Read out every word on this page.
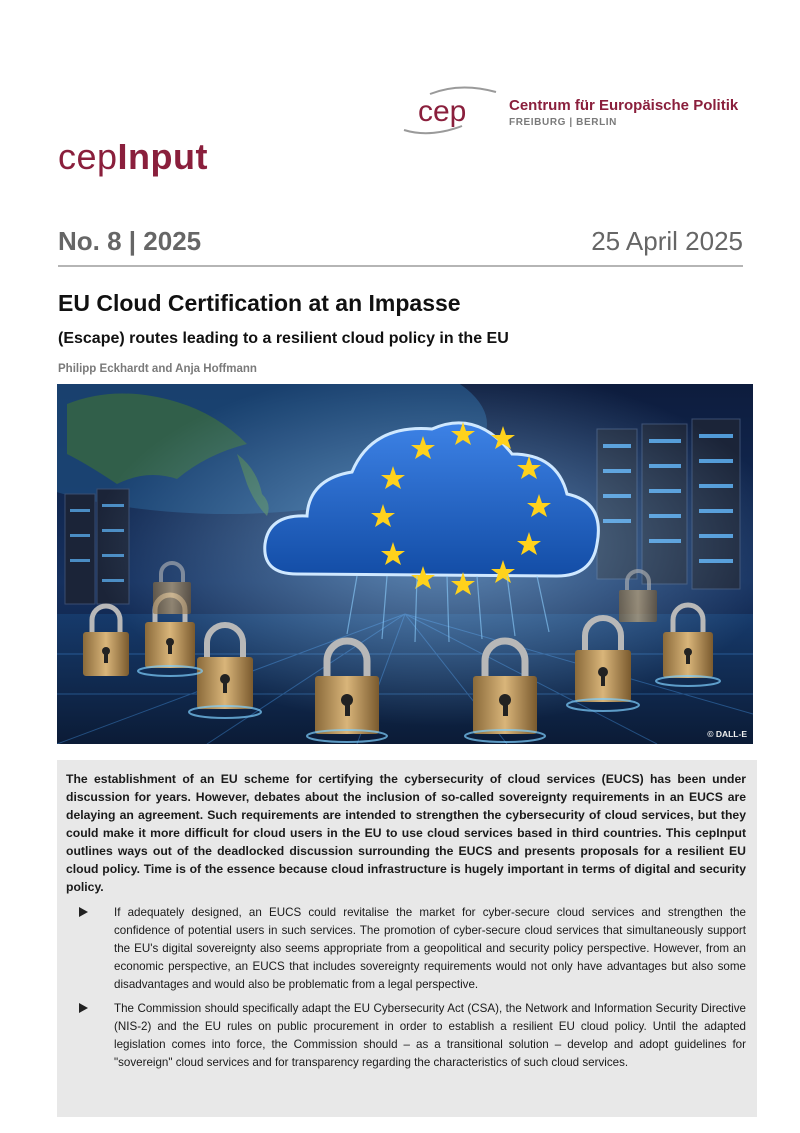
cep	Centrum für Europäische Politik
FREIBURG | BERLIN
cepInput
No. 8 | 2025	25 April 2025
EU Cloud Certification at an Impasse
(Escape) routes leading to a resilient cloud policy in the EU
Philipp Eckhardt and Anja Hoffmann
© DALL-E

The establishment of an EU scheme for certifying the cybersecurity of cloud services (EUCS) has been under discussion for years. However, debates about the inclusion of so-called sovereignty requirements in an EUCS are delaying an agreement. Such requirements are intended to strengthen the cybersecurity of cloud services, but they could make it more difficult for cloud users in the EU to use cloud services based in third countries. This cepInput outlines ways out of the deadlocked discussion surrounding the EUCS and presents proposals for a resilient EU cloud policy. Time is of the essence because cloud infrastructure is hugely important in terms of digital and security policy.

If adequately designed, an EUCS could revitalise the market for cyber-secure cloud services and strengthen the confidence of potential users in such services. The promotion of cyber-secure cloud services that simultaneously support the EU's digital sovereignty also seems appropriate from a geopolitical and security policy perspective. However, from an economic perspective, an EUCS that includes sovereignty requirements would not only have advantages but also some disadvantages and would also be problematic from a legal perspective.

The Commission should specifically adapt the EU Cybersecurity Act (CSA), the Network and Information Security Directive (NIS-2) and the EU rules on public procurement in order to establish a resilient EU cloud policy. Until the adapted legislation comes into force, the Commission should – as a transitional solution – develop and adopt guidelines for "sovereign" cloud services and for transparency regarding the characteristics of such cloud services.
